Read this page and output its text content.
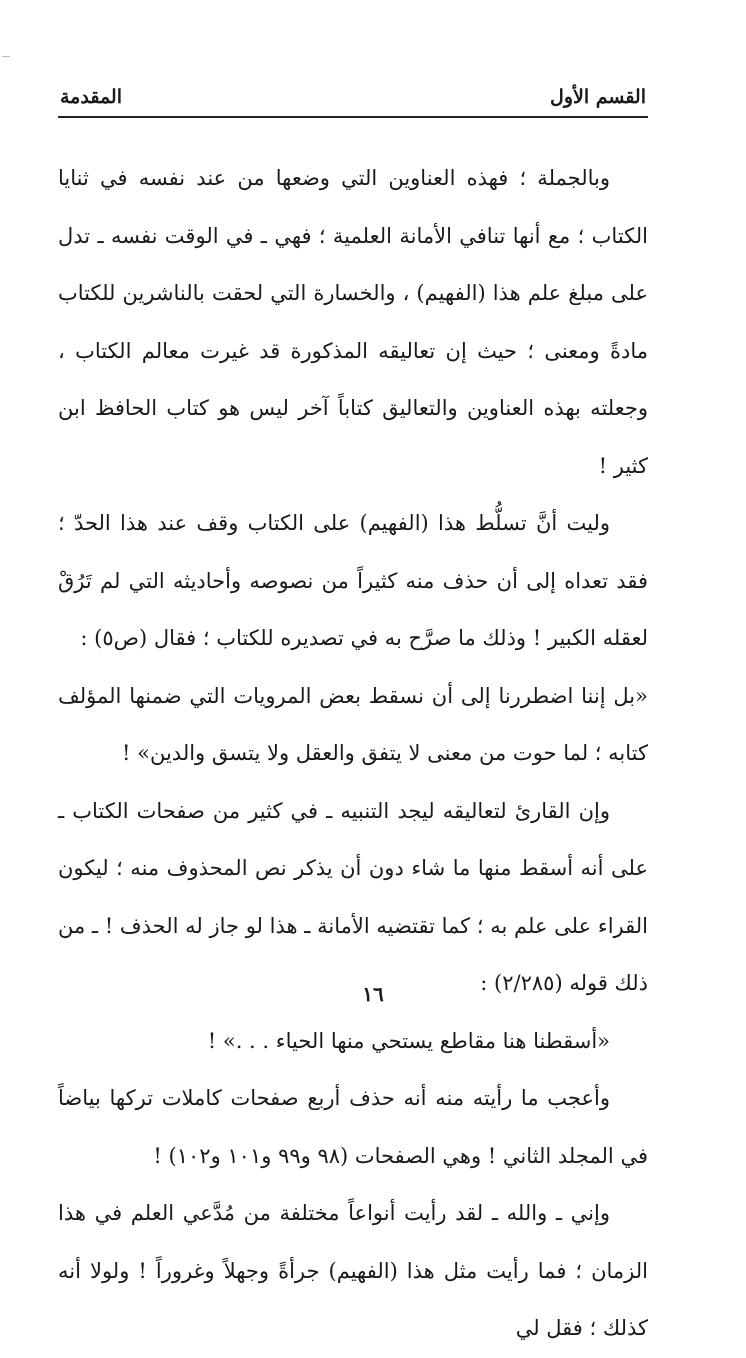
القسم الأول
المقدمة

وبالجملة ؛ فهذه العناوين التي وضعها من عند نفسه في ثنايا الكتاب ؛ مع أنها تنافي الأمانة العلمية ؛ فهي ـ في الوقت نفسه ـ تدل على مبلغ علم هذا (الفهيم) ، والخسارة التي لحقت بالناشرين للكتاب مادةً ومعنى ؛ حيث إن تعاليقه المذكورة قد غيرت معالم الكتاب ، وجعلته بهذه العناوين والتعاليق كتاباً آخر ليس هو كتاب الحافظ ابن كثير !

وليت أنَّ تسلُّط هذا (الفهيم) على الكتاب وقف عند هذا الحدّ ؛ فقد تعداه إلى أن حذف منه كثيراً من نصوصه وأحاديثه التي لم تَرُقْ لعقله الكبير ! وذلك ما صرَّح به في تصديره للكتاب ؛ فقال (ص٥) :

«بل إننا اضطررنا إلى أن نسقط بعض المرويات التي ضمنها المؤلف كتابه ؛ لما حوت من معنى لا يتفق والعقل ولا يتسق والدين» !

وإن القارئ لتعاليقه ليجد التنبيه ـ في كثير من صفحات الكتاب ـ على أنه أسقط منها ما شاء دون أن يذكر نص المحذوف منه ؛ ليكون القراء على علم به ؛ كما تقتضيه الأمانة ـ هذا لو جاز له الحذف ! ـ من ذلك قوله (٢/٢٨٥) :

«أسقطنا هنا مقاطع يستحي منها الحياء . . .» !

وأعجب ما رأيته منه أنه حذف أربع صفحات كاملات تركها بياضاً في المجلد الثاني ! وهي الصفحات (٩٨ و٩٩ و١٠١ و١٠٢) !

وإني ـ والله ـ لقد رأيت أنواعاً مختلفة من مُدَّعي العلم في هذا الزمان ؛ فما رأيت مثل هذا (الفهيم) جرأةً وجهلاً وغروراً ! ولولا أنه كذلك ؛ فقل لي

١٦
